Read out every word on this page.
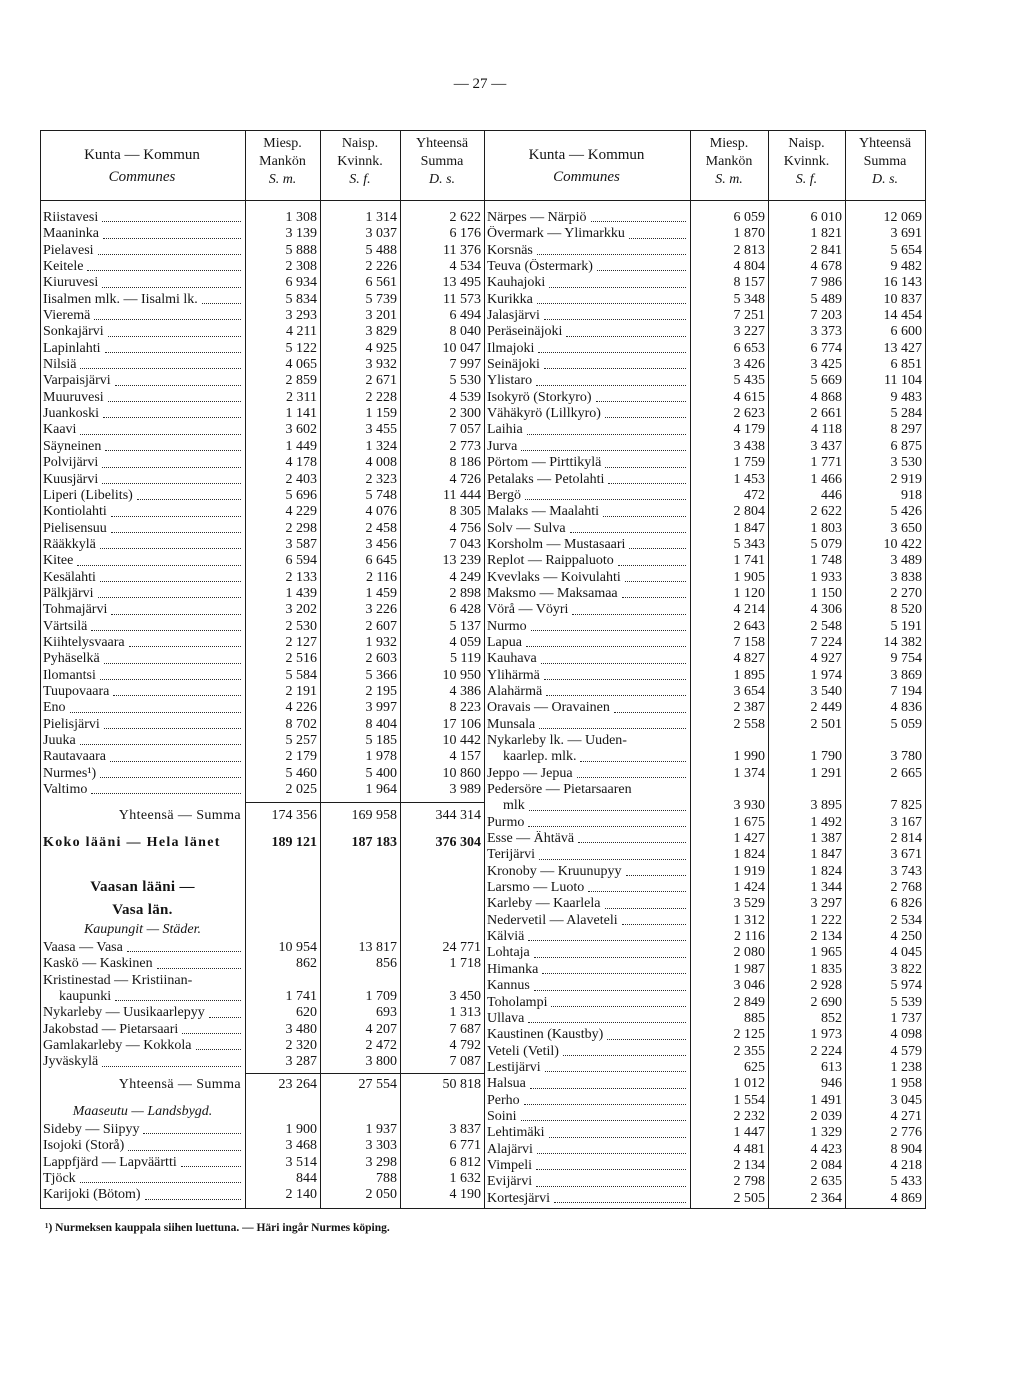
— 27 —
Kunta — Kommun
Communes
Miesp.
Mankön
S. m.
Naisp.
Kvinnk.
S. f.
Yhteensä
Summa
D. s.
Kunta — Kommun
Communes
Miesp.
Mankön
S. m.
Naisp.
Kvinnk.
S. f.
Yhteensä
Summa
D. s.
Riistavesi	1 308	1 314	2 622
Maaninka	3 139	3 037	6 176
Pielavesi	5 888	5 488	11 376
Keitele	2 308	2 226	4 534
Kiuruvesi	6 934	6 561	13 495
Iisalmen mlk. — Iisalmi lk.	5 834	5 739	11 573
Vieremä	3 293	3 201	6 494
Sonkajärvi	4 211	3 829	8 040
Lapinlahti	5 122	4 925	10 047
Nilsiä	4 065	3 932	7 997
Varpaisjärvi	2 859	2 671	5 530
Muuruvesi	2 311	2 228	4 539
Juankoski	1 141	1 159	2 300
Kaavi	3 602	3 455	7 057
Säyneinen	1 449	1 324	2 773
Polvijärvi	4 178	4 008	8 186
Kuusjärvi	2 403	2 323	4 726
Liperi (Libelits)	5 696	5 748	11 444
Kontiolahti	4 229	4 076	8 305
Pielisensuu	2 298	2 458	4 756
Rääkkylä	3 587	3 456	7 043
Kitee	6 594	6 645	13 239
Kesälahti	2 133	2 116	4 249
Pälkjärvi	1 439	1 459	2 898
Tohmajärvi	3 202	3 226	6 428
Värtsilä	2 530	2 607	5 137
Kiihtelysvaara	2 127	1 932	4 059
Pyhäselkä	2 516	2 603	5 119
Ilomantsi	5 584	5 366	10 950
Tuupovaara	2 191	2 195	4 386
Eno	4 226	3 997	8 223
Pielisjärvi	8 702	8 404	17 106
Juuka	5 257	5 185	10 442
Rautavaara	2 179	1 978	4 157
Nurmes¹)	5 460	5 400	10 860
Valtimo	2 025	1 964	3 989
Yhteensä — Summa	174 356	169 958	344 314
Koko lääni — Hela länet	189 121	187 183	376 304
Vaasan lääni —
Vasa län.
Kaupungit — Städer.
Vaasa — Vasa	10 954	13 817	24 771
Kaskö — Kaskinen	862	856	1 718
Kristinestad — Kristiinan-
kaupunki	1 741	1 709	3 450
Nykarleby — Uusikaarlepyy	620	693	1 313
Jakobstad — Pietarsaari	3 480	4 207	7 687
Gamlakarleby — Kokkola	2 320	2 472	4 792
Jyväskylä	3 287	3 800	7 087
Yhteensä — Summa	23 264	27 554	50 818
Maaseutu — Landsbygd.
Sideby — Siipyy	1 900	1 937	3 837
Isojoki (Storå)	3 468	3 303	6 771
Lappfjärd — Lapväärtti	3 514	3 298	6 812
Tjöck	844	788	1 632
Karijoki (Bötom)	2 140	2 050	4 190
Närpes — Närpiö	6 059	6 010	12 069
Övermark — Ylimarkku	1 870	1 821	3 691
Korsnäs	2 813	2 841	5 654
Teuva (Östermark)	4 804	4 678	9 482
Kauhajoki	8 157	7 986	16 143
Kurikka	5 348	5 489	10 837
Jalasjärvi	7 251	7 203	14 454
Peräseinäjoki	3 227	3 373	6 600
Ilmajoki	6 653	6 774	13 427
Seinäjoki	3 426	3 425	6 851
Ylistaro	5 435	5 669	11 104
Isokyrö (Storkyro)	4 615	4 868	9 483
Vähäkyrö (Lillkyro)	2 623	2 661	5 284
Laihia	4 179	4 118	8 297
Jurva	3 438	3 437	6 875
Pörtom — Pirttikylä	1 759	1 771	3 530
Petalaks — Petolahti	1 453	1 466	2 919
Bergö	472	446	918
Malaks — Maalahti	2 804	2 622	5 426
Solv — Sulva	1 847	1 803	3 650
Korsholm — Mustasaari	5 343	5 079	10 422
Replot — Raippaluoto	1 741	1 748	3 489
Kvevlaks — Koivulahti	1 905	1 933	3 838
Maksmo — Maksamaa	1 120	1 150	2 270
Vörå — Vöyri	4 214	4 306	8 520
Nurmo	2 643	2 548	5 191
Lapua	7 158	7 224	14 382
Kauhava	4 827	4 927	9 754
Ylihärmä	1 895	1 974	3 869
Alahärmä	3 654	3 540	7 194
Oravais — Oravainen	2 387	2 449	4 836
Munsala	2 558	2 501	5 059
Nykarleby lk. — Uuden-
kaarlep. mlk.	1 990	1 790	3 780
Jeppo — Jepua	1 374	1 291	2 665
Pedersöre — Pietarsaaren
mlk	3 930	3 895	7 825
Purmo	1 675	1 492	3 167
Esse — Ähtävä	1 427	1 387	2 814
Terijärvi	1 824	1 847	3 671
Kronoby — Kruunupyy	1 919	1 824	3 743
Larsmo — Luoto	1 424	1 344	2 768
Karleby — Kaarlela	3 529	3 297	6 826
Nedervetil — Alaveteli	1 312	1 222	2 534
Kälviä	2 116	2 134	4 250
Lohtaja	2 080	1 965	4 045
Himanka	1 987	1 835	3 822
Kannus	3 046	2 928	5 974
Toholampi	2 849	2 690	5 539
Ullava	885	852	1 737
Kaustinen (Kaustby)	2 125	1 973	4 098
Veteli (Vetil)	2 355	2 224	4 579
Lestijärvi	625	613	1 238
Halsua	1 012	946	1 958
Perho	1 554	1 491	3 045
Soini	2 232	2 039	4 271
Lehtimäki	1 447	1 329	2 776
Alajärvi	4 481	4 423	8 904
Vimpeli	2 134	2 084	4 218
Evijärvi	2 798	2 635	5 433
Kortesjärvi	2 505	2 364	4 869
¹) Nurmeksen kauppala siihen luettuna. — Häri ingår Nurmes köping.
